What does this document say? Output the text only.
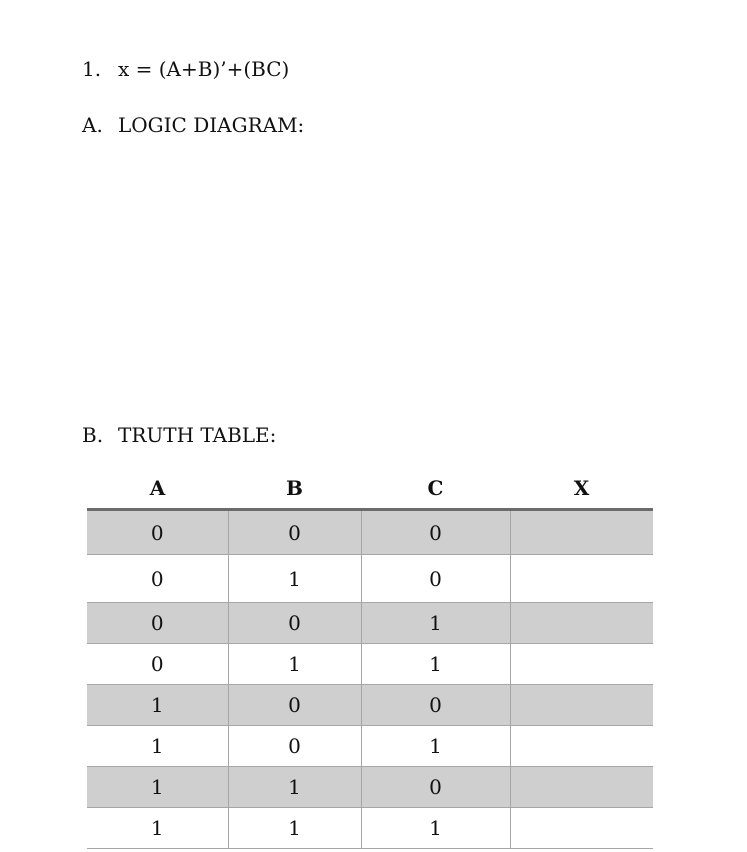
1. x = (A+B)’+(BC)
A. LOGIC DIAGRAM:
B. TRUTH TABLE:
A	B	C	X
0	0	0	
0	1	0	
0	0	1	
0	1	1	
1	0	0	
1	0	1	
1	1	0	
1	1	1	
